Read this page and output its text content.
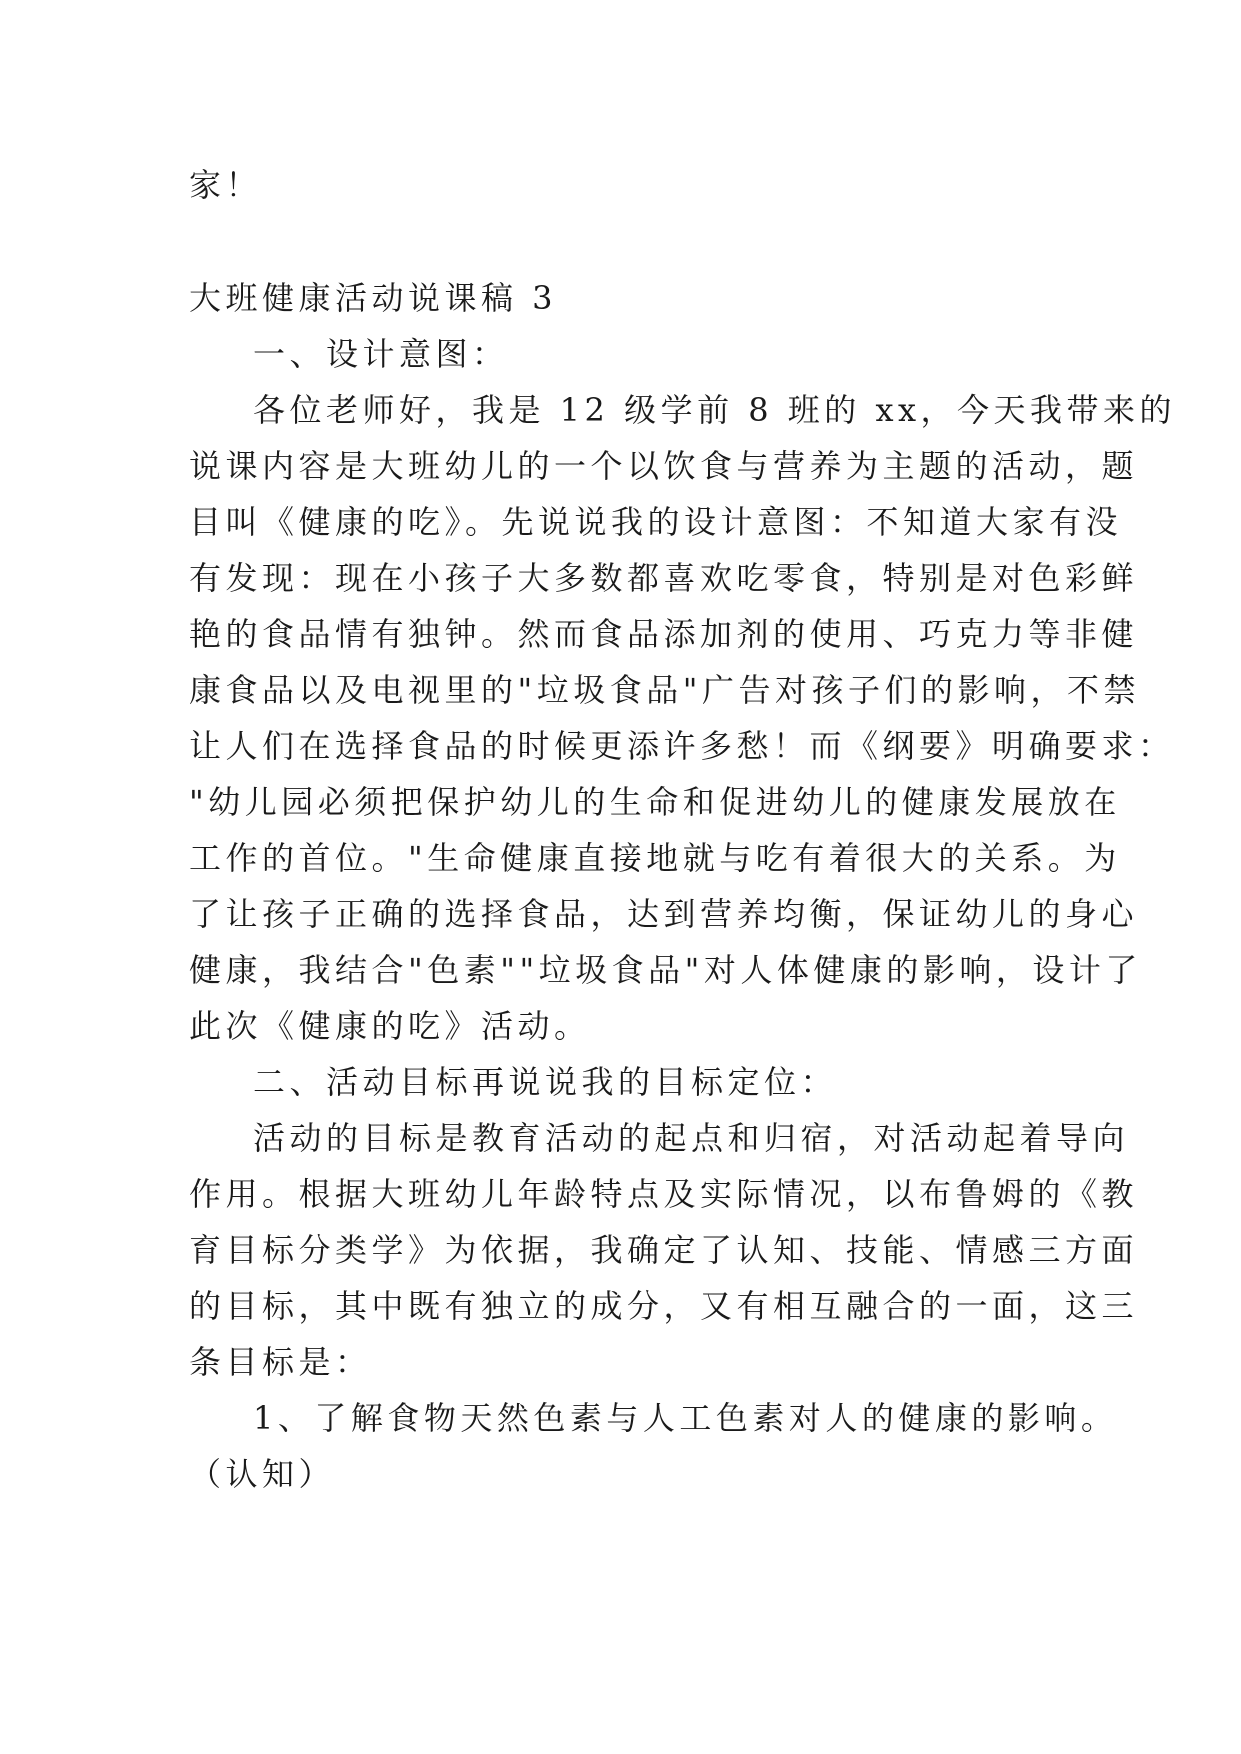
家！
大班健康活动说课稿 3
一、设计意图：
各位老师好，我是 12 级学前 8 班的 xx，今天我带来的
说课内容是大班幼儿的一个以饮食与营养为主题的活动，题
目叫《健康的吃》。先说说我的设计意图：不知道大家有没
有发现：现在小孩子大多数都喜欢吃零食，特别是对色彩鲜
艳的食品情有独钟。然而食品添加剂的使用、巧克力等非健
康食品以及电视里的"垃圾食品"广告对孩子们的影响，不禁
让人们在选择食品的时候更添许多愁！而《纲要》明确要求：
"幼儿园必须把保护幼儿的生命和促进幼儿的健康发展放在
工作的首位。"生命健康直接地就与吃有着很大的关系。为
了让孩子正确的选择食品，达到营养均衡，保证幼儿的身心
健康，我结合"色素""垃圾食品"对人体健康的影响，设计了
此次《健康的吃》活动。
二、活动目标再说说我的目标定位：
活动的目标是教育活动的起点和归宿，对活动起着导向
作用。根据大班幼儿年龄特点及实际情况，以布鲁姆的《教
育目标分类学》为依据，我确定了认知、技能、情感三方面
的目标，其中既有独立的成分，又有相互融合的一面，这三
条目标是：
1、了解食物天然色素与人工色素对人的健康的影响。
（认知）
